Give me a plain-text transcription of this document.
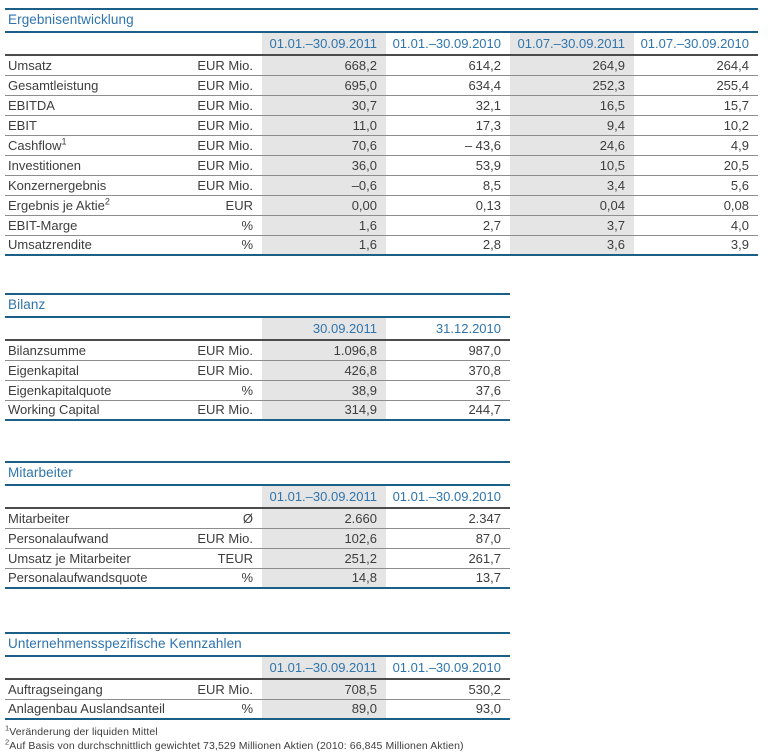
Ergebnisentwicklung
		01.01.–30.09.2011	01.01.–30.09.2010	01.07.–30.09.2011	01.07.–30.09.2010
Umsatz	EUR Mio.	668,2	614,2	264,9	264,4
Gesamtleistung	EUR Mio.	695,0	634,4	252,3	255,4
EBITDA	EUR Mio.	30,7	32,1	16,5	15,7
EBIT	EUR Mio.	11,0	17,3	9,4	10,2
Cashflow$^1$	EUR Mio.	70,6	– 43,6	24,6	4,9
Investitionen	EUR Mio.	36,0	53,9	10,5	20,5
Konzernergebnis	EUR Mio.	–0,6	8,5	3,4	5,6
Ergebnis je Aktie$^2$	EUR	0,00	0,13	0,04	0,08
EBIT-Marge	%	1,6	2,7	3,7	4,0
Umsatzrendite	%	1,6	2,8	3,6	3,9
Bilanz
		30.09.2011	31.12.2010
Bilanzsumme	EUR Mio.	1.096,8	987,0
Eigenkapital	EUR Mio.	426,8	370,8
Eigenkapitalquote	%	38,9	37,6
Working Capital	EUR Mio.	314,9	244,7
Mitarbeiter
		01.01.–30.09.2011	01.01.–30.09.2010
Mitarbeiter	Ø	2.660	2.347
Personalaufwand	EUR Mio.	102,6	87,0
Umsatz je Mitarbeiter	TEUR	251,2	261,7
Personalaufwandsquote	%	14,8	13,7
Unternehmensspezifische Kennzahlen
		01.01.–30.09.2011	01.01.–30.09.2010
Auftragseingang	EUR Mio.	708,5	530,2
Anlagenbau Auslandsanteil	%	89,0	93,0
$^1$Veränderung der liquiden Mittel
$^2$Auf Basis von durchschnittlich gewichtet 73,529 Millionen Aktien (2010: 66,845 Millionen Aktien)
